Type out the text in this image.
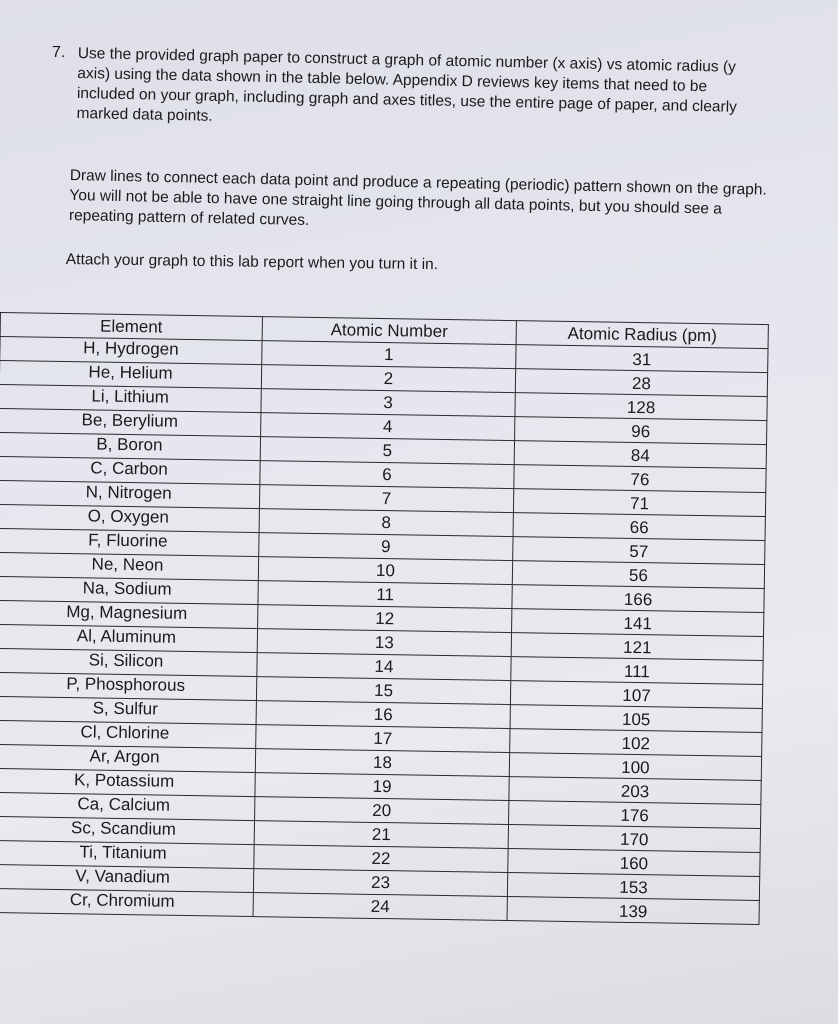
7. Use the provided graph paper to construct a graph of atomic number (x axis) vs atomic radius (y axis) using the data shown in the table below. Appendix D reviews key items that need to be included on your graph, including graph and axes titles, use the entire page of paper, and clearly marked data points.
Draw lines to connect each data point and produce a repeating (periodic) pattern shown on the graph. You will not be able to have one straight line going through all data points, but you should see a repeating pattern of related curves.
Attach your graph to this lab report when you turn it in.
Element	Atomic Number	Atomic Radius (pm)
H, Hydrogen	1	31
He, Helium	2	28
Li, Lithium	3	128
Be, Berylium	4	96
B, Boron	5	84
C, Carbon	6	76
N, Nitrogen	7	71
O, Oxygen	8	66
F, Fluorine	9	57
Ne, Neon	10	56
Na, Sodium	11	166
Mg, Magnesium	12	141
Al, Aluminum	13	121
Si, Silicon	14	111
P, Phosphorous	15	107
S, Sulfur	16	105
Cl, Chlorine	17	102
Ar, Argon	18	100
K, Potassium	19	203
Ca, Calcium	20	176
Sc, Scandium	21	170
Ti, Titanium	22	160
V, Vanadium	23	153
Cr, Chromium	24	139
